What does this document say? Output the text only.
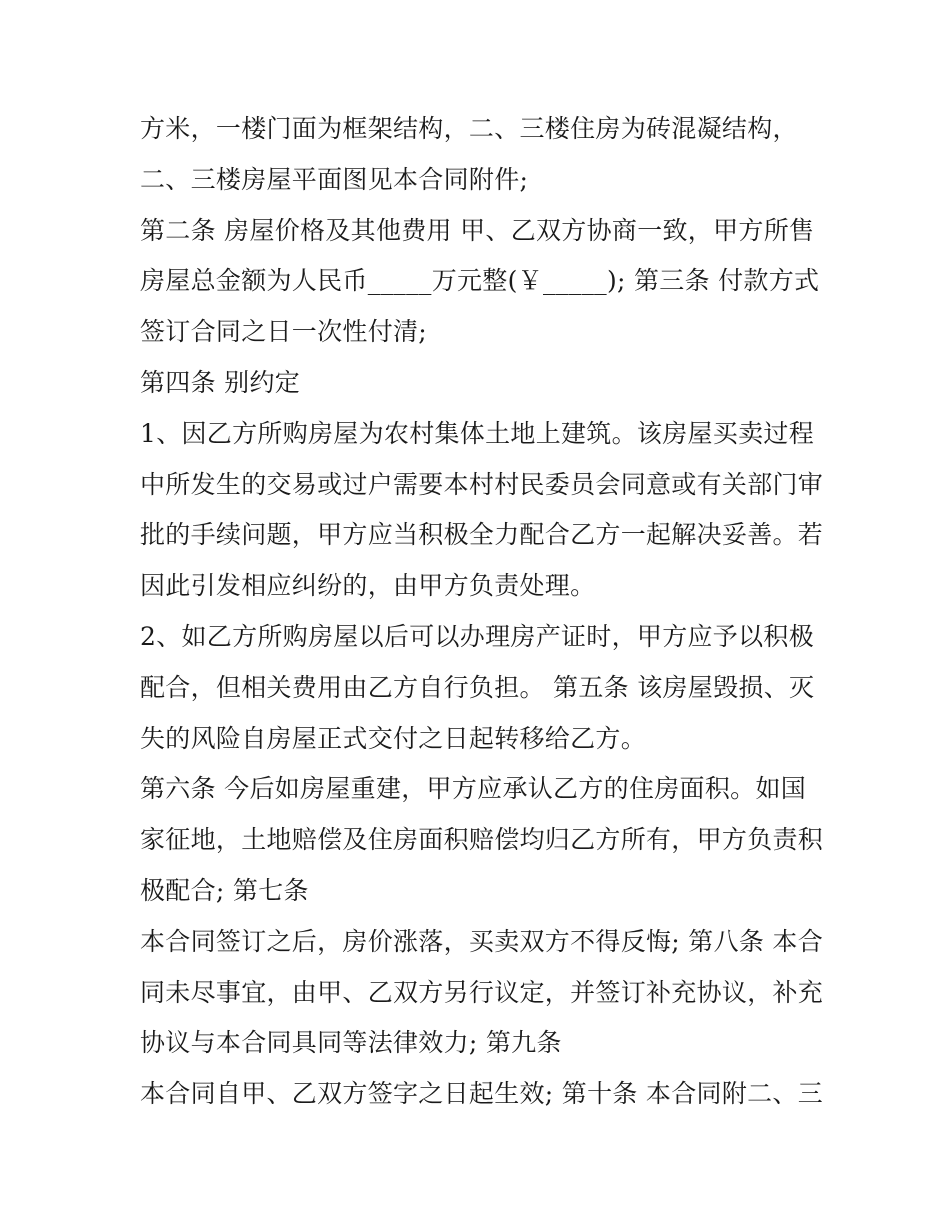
方米，一楼门面为框架结构，二、三楼住房为砖混凝结构，
二、三楼房屋平面图见本合同附件;
第二条 房屋价格及其他费用 甲、乙双方协商一致，甲方所售
房屋总金额为人民币_____万元整(￥_____); 第三条 付款方式
签订合同之日一次性付清;
第四条 别约定
1、因乙方所购房屋为农村集体土地上建筑。该房屋买卖过程
中所发生的交易或过户需要本村村民委员会同意或有关部门审
批的手续问题，甲方应当积极全力配合乙方一起解决妥善。若
因此引发相应纠纷的，由甲方负责处理。
2、如乙方所购房屋以后可以办理房产证时，甲方应予以积极
配合，但相关费用由乙方自行负担。 第五条 该房屋毁损、灭
失的风险自房屋正式交付之日起转移给乙方。
第六条 今后如房屋重建，甲方应承认乙方的住房面积。如国
家征地，土地赔偿及住房面积赔偿均归乙方所有，甲方负责积
极配合; 第七条
本合同签订之后，房价涨落，买卖双方不得反悔; 第八条 本合
同未尽事宜，由甲、乙双方另行议定，并签订补充协议，补充
协议与本合同具同等法律效力; 第九条
本合同自甲、乙双方签字之日起生效; 第十条 本合同附二、三
